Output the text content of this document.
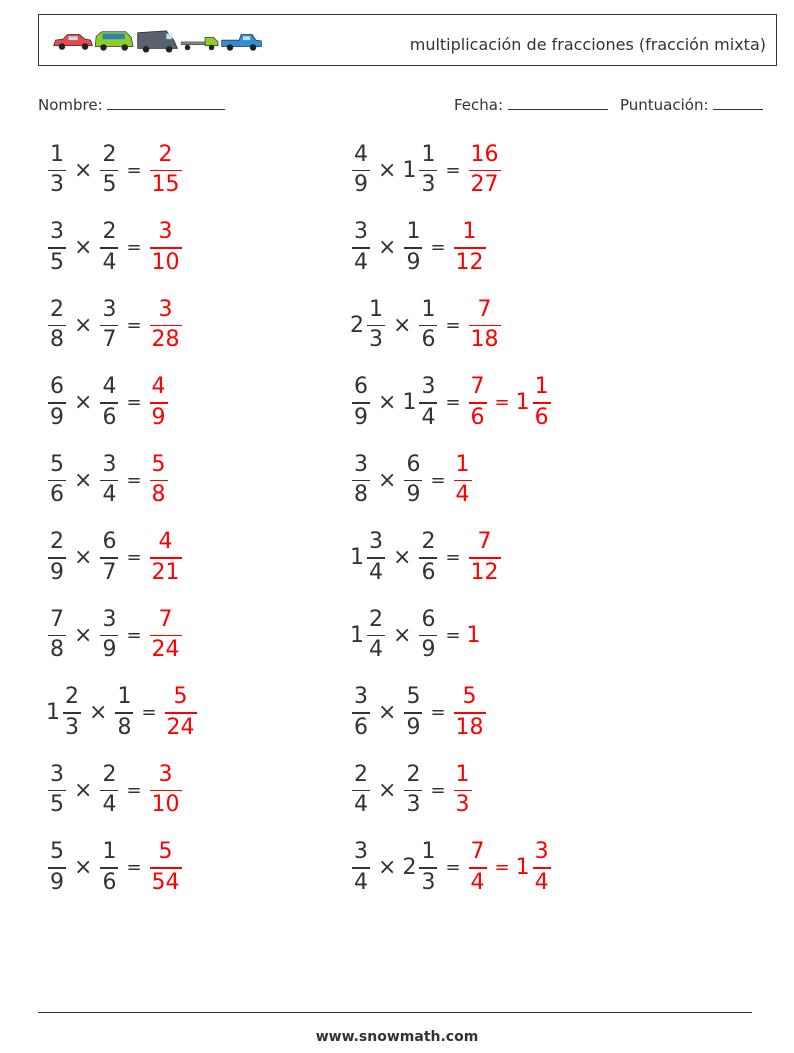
multiplicación de fracciones (fracción mixta)
Nombre:	Fecha:	Puntuación:
$\frac{1}{3} \times \frac{2}{5} = \frac{2}{15}$	$\frac{4}{9} \times 1 \frac{1}{3} = \frac{16}{27}$
$\frac{3}{5} \times \frac{2}{4} = \frac{3}{10}$	$\frac{3}{4} \times \frac{1}{9} = \frac{1}{12}$
$\frac{2}{8} \times \frac{3}{7} = \frac{3}{28}$	$2 \frac{1}{3} \times \frac{1}{6} = \frac{7}{18}$
$\frac{6}{9} \times \frac{4}{6} = \frac{4}{9}$	$\frac{6}{9} \times 1 \frac{3}{4} = \frac{7}{6} = 1 \frac{1}{6}$
$\frac{5}{6} \times \frac{3}{4} = \frac{5}{8}$	$\frac{3}{8} \times \frac{6}{9} = \frac{1}{4}$
$\frac{2}{9} \times \frac{6}{7} = \frac{4}{21}$	$1 \frac{3}{4} \times \frac{2}{6} = \frac{7}{12}$
$\frac{7}{8} \times \frac{3}{9} = \frac{7}{24}$	$1 \frac{2}{4} \times \frac{6}{9} = 1$
$1 \frac{2}{3} \times \frac{1}{8} = \frac{5}{24}$	$\frac{3}{6} \times \frac{5}{9} = \frac{5}{18}$
$\frac{3}{5} \times \frac{2}{4} = \frac{3}{10}$	$\frac{2}{4} \times \frac{2}{3} = \frac{1}{3}$
$\frac{5}{9} \times \frac{1}{6} = \frac{5}{54}$	$\frac{3}{4} \times 2 \frac{1}{3} = \frac{7}{4} = 1 \frac{3}{4}$
www.snowmath.com
